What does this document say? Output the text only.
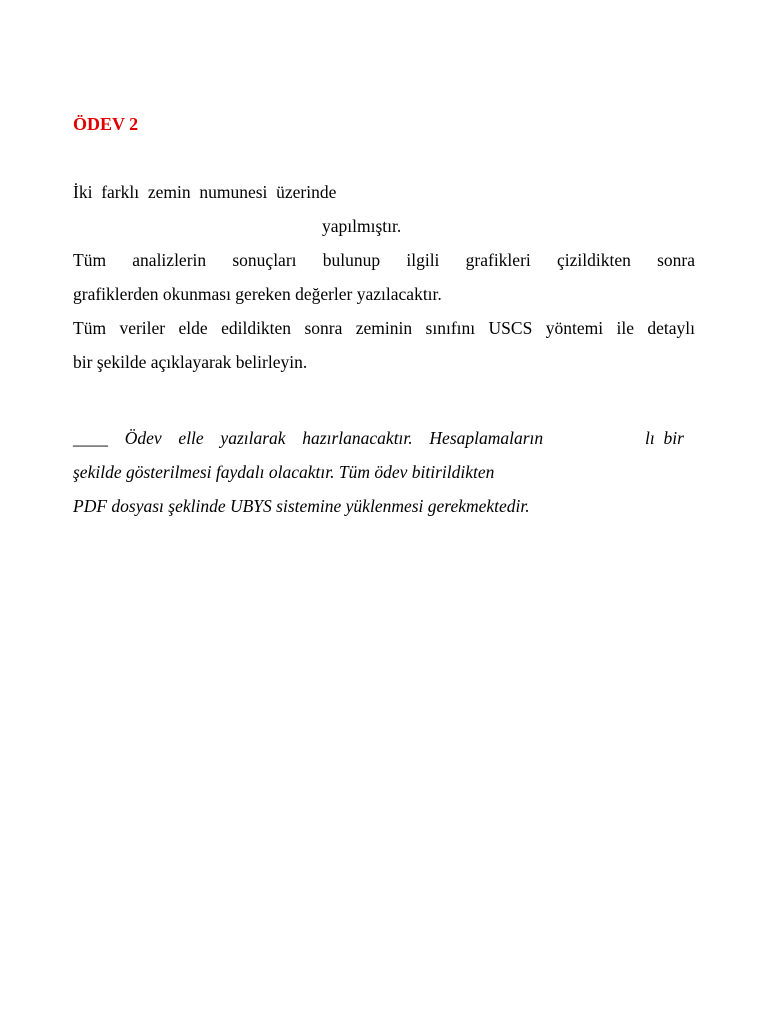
ÖDEV 2
İki  farklı  zemin  numunesi  üzerinde
yapılmıştır.
Tüm analizlerin sonuçları bulunup ilgili grafikleri çizildikten sonra
grafiklerden okunması gereken değerler yazılacaktır.
Tüm veriler elde edildikten sonra zeminin sınıfını USCS yöntemi ile detaylı
bir şekilde açıklayarak belirleyin.
____  Ödev  elle  yazılarak  hazırlanacaktır.  Hesaplamaların	lı  bir
şekilde gösterilmesi faydalı olacaktır. Tüm ödev bitirildikten
PDF dosyası şeklinde UBYS sistemine yüklenmesi gerekmektedir.
